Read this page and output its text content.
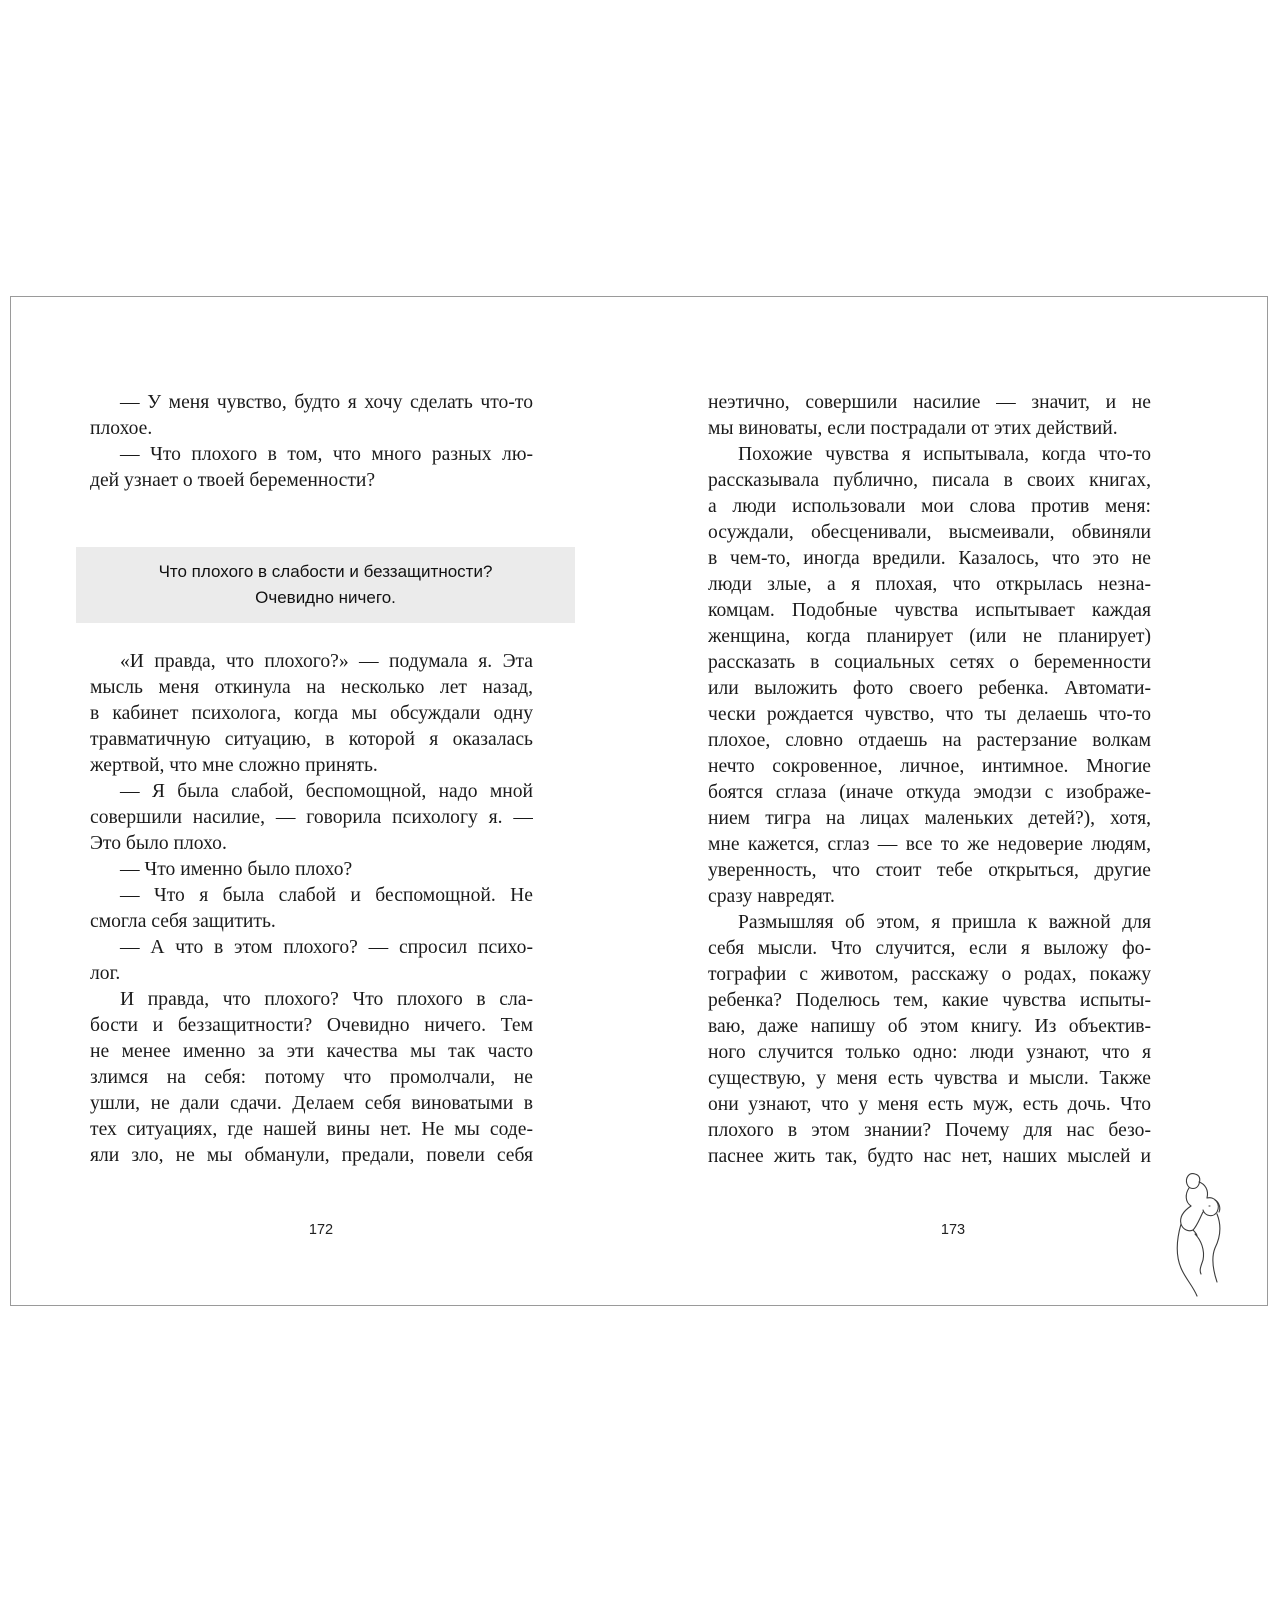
— У меня чувство, будто я хочу сделать что-то
плохое.
— Что плохого в том, что много разных лю-
дей узнает о твоей беременности?
Что плохого в слабости и беззащитности?
Очевидно ничего.
«И правда, что плохого?» — подумала я. Эта
мысль меня откинула на несколько лет назад,
в кабинет психолога, когда мы обсуждали одну
травматичную ситуацию, в которой я оказалась
жертвой, что мне сложно принять.
— Я была слабой, беспомощной, надо мной
совершили насилие, — говорила психологу я. —
Это было плохо.
— Что именно было плохо?
— Что я была слабой и беспомощной. Не
смогла себя защитить.
— А что в этом плохого? — спросил психо-
лог.
И правда, что плохого? Что плохого в сла-
бости и беззащитности? Очевидно ничего. Тем
не менее именно за эти качества мы так часто
злимся на себя: потому что промолчали, не
ушли, не дали сдачи. Делаем себя виноватыми в
тех ситуациях, где нашей вины нет. Не мы соде-
яли зло, не мы обманули, предали, повели себя
172
неэтично, совершили насилие — значит, и не
мы виноваты, если пострадали от этих действий.
Похожие чувства я испытывала, когда что-то
рассказывала публично, писала в своих книгах,
а люди использовали мои слова против меня:
осуждали, обесценивали, высмеивали, обвиняли
в чем-то, иногда вредили. Казалось, что это не
люди злые, а я плохая, что открылась незна-
комцам. Подобные чувства испытывает каждая
женщина, когда планирует (или не планирует)
рассказать в социальных сетях о беременности
или выложить фото своего ребенка. Автомати-
чески рождается чувство, что ты делаешь что-то
плохое, словно отдаешь на растерзание волкам
нечто сокровенное, личное, интимное. Многие
боятся сглаза (иначе откуда эмодзи с изображе-
нием тигра на лицах маленьких детей?), хотя,
мне кажется, сглаз — все то же недоверие людям,
уверенность, что стоит тебе открыться, другие
сразу навредят.
Размышляя об этом, я пришла к важной для
себя мысли. Что случится, если я выложу фо-
тографии с животом, расскажу о родах, покажу
ребенка? Поделюсь тем, какие чувства испыты-
ваю, даже напишу об этом книгу. Из объектив-
ного случится только одно: люди узнают, что я
существую, у меня есть чувства и мысли. Также
они узнают, что у меня есть муж, есть дочь. Что
плохого в этом знании? Почему для нас безо-
паснее жить так, будто нас нет, наших мыслей и
173
